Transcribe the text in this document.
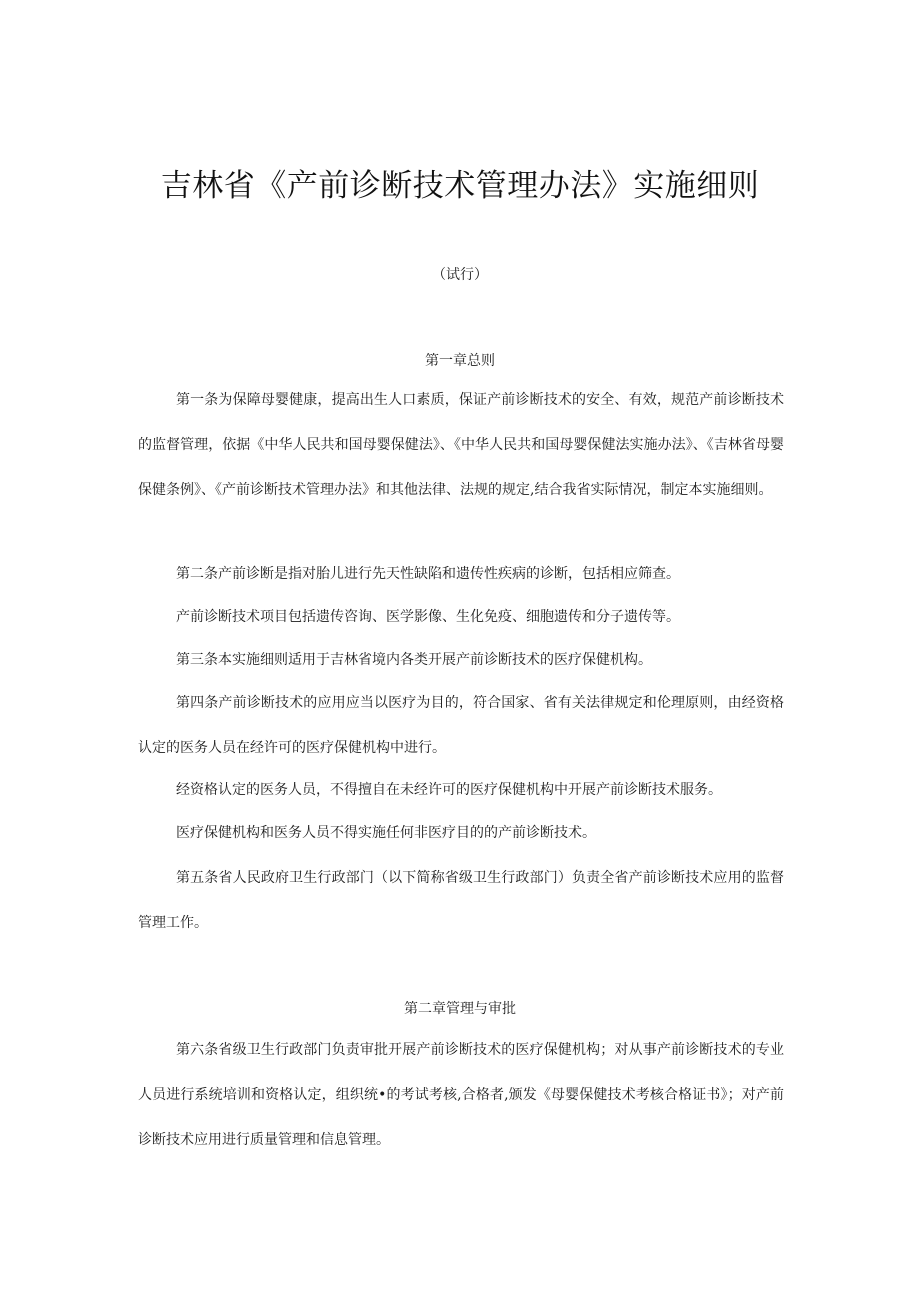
吉林省《产前诊断技术管理办法》实施细则
（试行）
第一章总则

第一条为保障母婴健康，提高出生人口素质，保证产前诊断技术的安全、有效，规范产前诊断技术的监督管理，依据《中华人民共和国母婴保健法》、《中华人民共和国母婴保健法实施办法》、《吉林省母婴保健条例》、《产前诊断技术管理办法》和其他法律、法规的规定,结合我省实际情况，制定本实施细则。

第二条产前诊断是指对胎儿进行先天性缺陷和遗传性疾病的诊断，包括相应筛查。

产前诊断技术项目包括遗传咨询、医学影像、生化免疫、细胞遗传和分子遗传等。

第三条本实施细则适用于吉林省境内各类开展产前诊断技术的医疗保健机构。

第四条产前诊断技术的应用应当以医疗为目的，符合国家、省有关法律规定和伦理原则，由经资格认定的医务人员在经许可的医疗保健机构中进行。

经资格认定的医务人员，不得擅自在未经许可的医疗保健机构中开展产前诊断技术服务。

医疗保健机构和医务人员不得实施任何非医疗目的的产前诊断技术。

第五条省人民政府卫生行政部门（以下简称省级卫生行政部门）负责全省产前诊断技术应用的监督管理工作。

第二章管理与审批

第六条省级卫生行政部门负责审批开展产前诊断技术的医疗保健机构；对从事产前诊断技术的专业人员进行系统培训和资格认定，组织统•的考试考核,合格者,颁发《母婴保健技术考核合格证书》；对产前诊断技术应用进行质量管理和信息管理。
